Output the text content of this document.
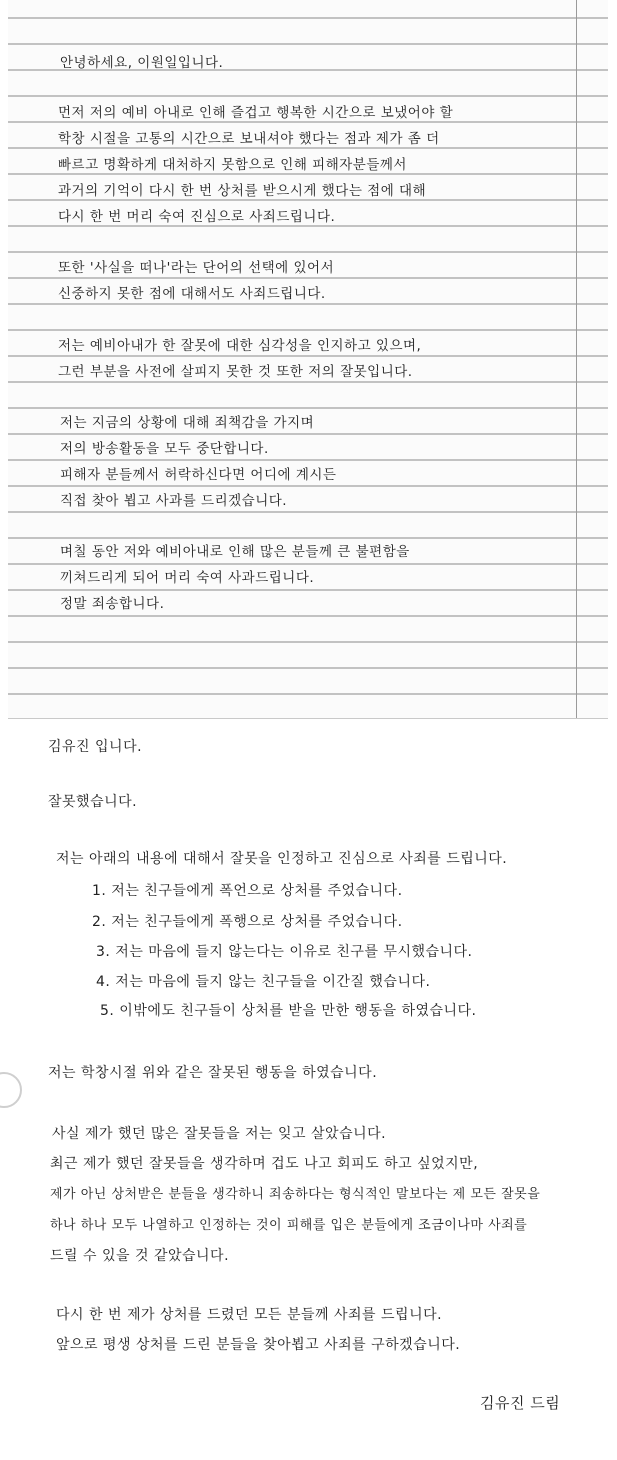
안녕하세요, 이원일입니다.
먼저 저의 예비 아내로 인해 즐겁고 행복한 시간으로 보냈어야 할
학창 시절을 고통의 시간으로 보내셔야 했다는 점과 제가 좀 더
빠르고 명확하게 대처하지 못함으로 인해 피해자분들께서
과거의 기억이 다시 한 번 상처를 받으시게 했다는 점에 대해
다시 한 번 머리 숙여 진심으로 사죄드립니다.
또한 '사실을 떠나'라는 단어의 선택에 있어서
신중하지 못한 점에 대해서도 사죄드립니다.
저는 예비아내가 한 잘못에 대한 심각성을 인지하고 있으며,
그런 부분을 사전에 살피지 못한 것 또한 저의 잘못입니다.
저는 지금의 상황에 대해 죄책감을 가지며
저의 방송활동을 모두 중단합니다.
피해자 분들께서 허락하신다면 어디에 계시든
직접 찾아 뵙고 사과를 드리겠습니다.
며칠 동안 저와 예비아내로 인해 많은 분들께 큰 불편함을
끼쳐드리게 되어 머리 숙여 사과드립니다.
정말 죄송합니다.
김유진 입니다.
잘못했습니다.
저는 아래의 내용에 대해서 잘못을 인정하고 진심으로 사죄를 드립니다.
1. 저는 친구들에게 폭언으로 상처를 주었습니다.
2. 저는 친구들에게 폭행으로 상처를 주었습니다.
3. 저는 마음에 들지 않는다는 이유로 친구를 무시했습니다.
4. 저는 마음에 들지 않는 친구들을 이간질 했습니다.
5. 이밖에도 친구들이 상처를 받을 만한 행동을 하였습니다.
저는 학창시절 위와 같은 잘못된 행동을 하였습니다.
사실 제가 했던 많은 잘못들을 저는 잊고 살았습니다.
최근 제가 했던 잘못들을 생각하며 겁도 나고 회피도 하고 싶었지만,
제가 아닌 상처받은 분들을 생각하니 죄송하다는 형식적인 말보다는 제 모든 잘못을
하나 하나 모두 나열하고 인정하는 것이 피해를 입은 분들에게 조금이나마 사죄를
드릴 수 있을 것 같았습니다.
다시 한 번 제가 상처를 드렸던 모든 분들께 사죄를 드립니다.
앞으로 평생 상처를 드린 분들을 찾아뵙고 사죄를 구하겠습니다.
김유진 드림
